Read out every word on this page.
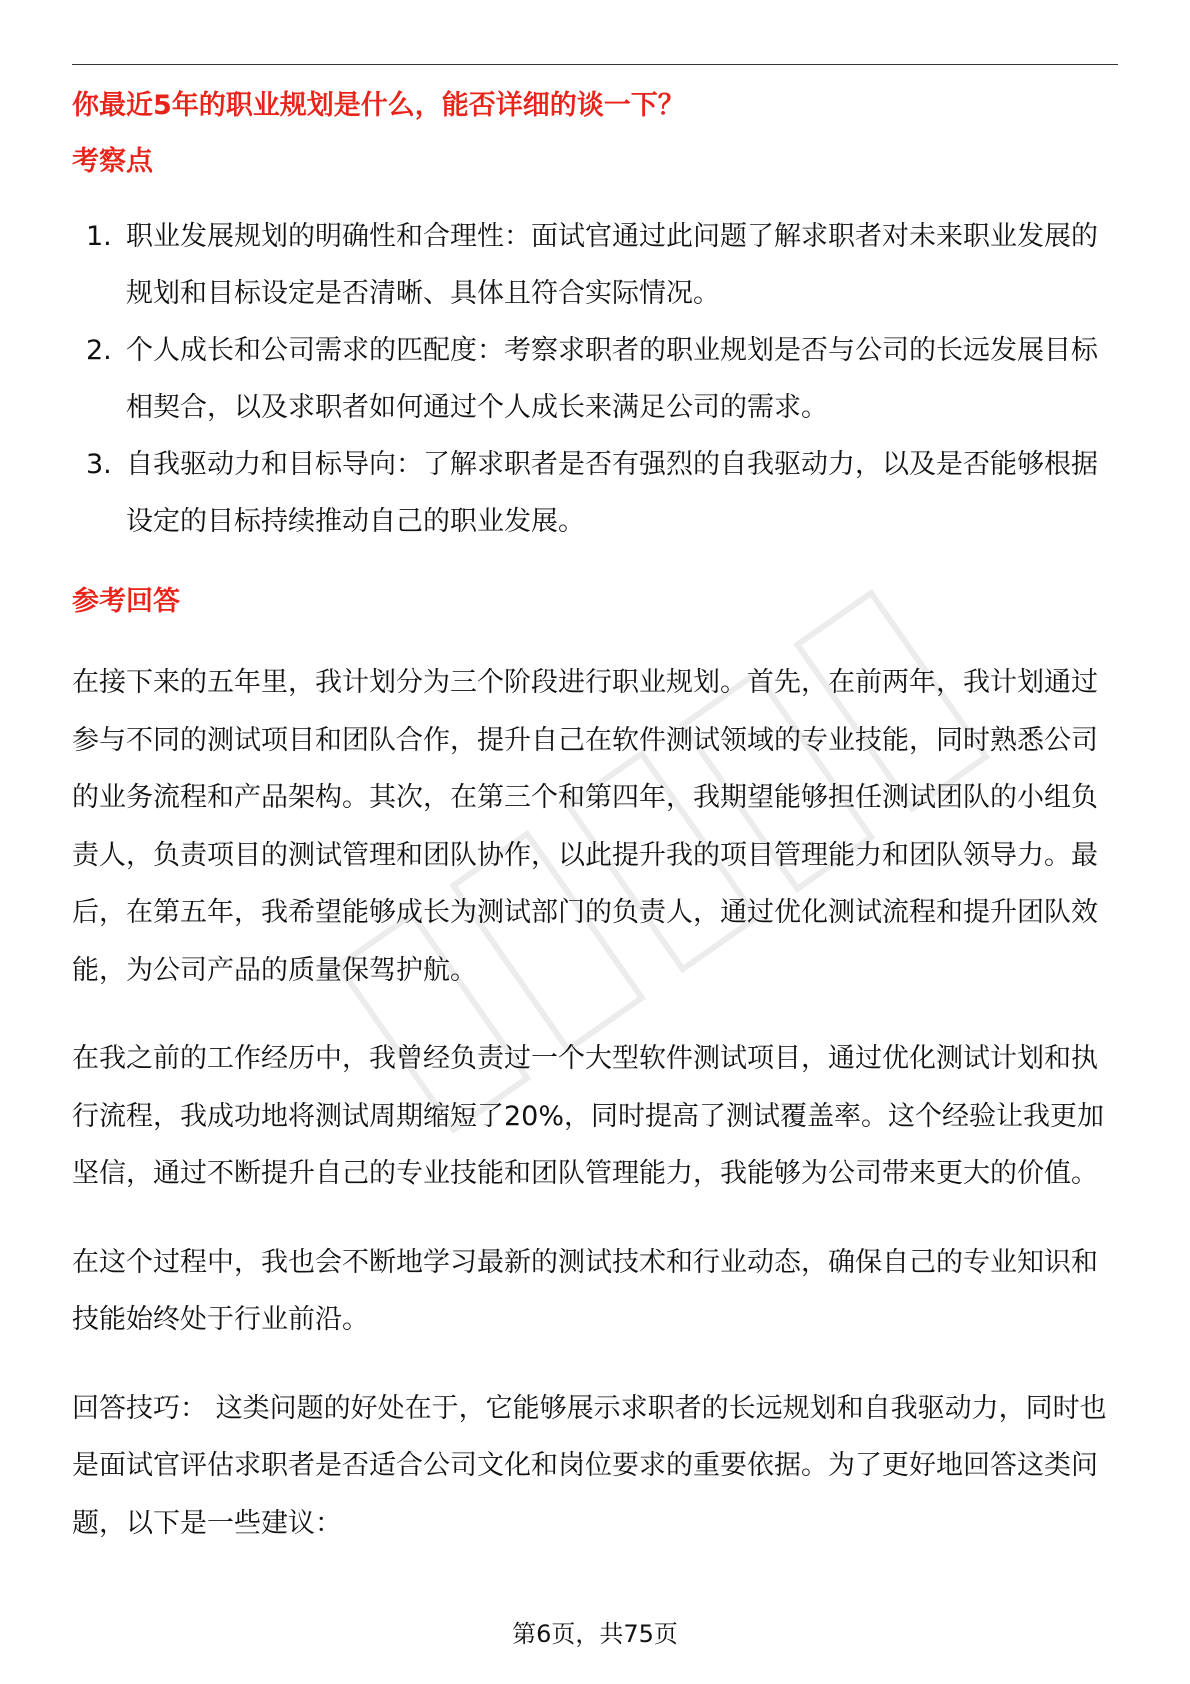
你最近5年的职业规划是什么，能否详细的谈一下？
考察点
1. 职业发展规划的明确性和合理性：面试官通过此问题了解求职者对未来职业发展的规划和目标设定是否清晰、具体且符合实际情况。
2. 个人成长和公司需求的匹配度：考察求职者的职业规划是否与公司的长远发展目标相契合，以及求职者如何通过个人成长来满足公司的需求。
3. 自我驱动力和目标导向：了解求职者是否有强烈的自我驱动力，以及是否能够根据设定的目标持续推动自己的职业发展。
参考回答

在接下来的五年里，我计划分为三个阶段进行职业规划。首先，在前两年，我计划通过参与不同的测试项目和团队合作，提升自己在软件测试领域的专业技能，同时熟悉公司的业务流程和产品架构。其次，在第三个和第四年，我期望能够担任测试团队的小组负责人，负责项目的测试管理和团队协作，以此提升我的项目管理能力和团队领导力。最后，在第五年，我希望能够成长为测试部门的负责人，通过优化测试流程和提升团队效能，为公司产品的质量保驾护航。

在我之前的工作经历中，我曾经负责过一个大型软件测试项目，通过优化测试计划和执行流程，我成功地将测试周期缩短了20%，同时提高了测试覆盖率。这个经验让我更加坚信，通过不断提升自己的专业技能和团队管理能力，我能够为公司带来更大的价值。

在这个过程中，我也会不断地学习最新的测试技术和行业动态，确保自己的专业知识和技能始终处于行业前沿。

回答技巧： 这类问题的好处在于，它能够展示求职者的长远规划和自我驱动力，同时也是面试官评估求职者是否适合公司文化和岗位要求的重要依据。为了更好地回答这类问题，以下是一些建议：

第6页，共75页
